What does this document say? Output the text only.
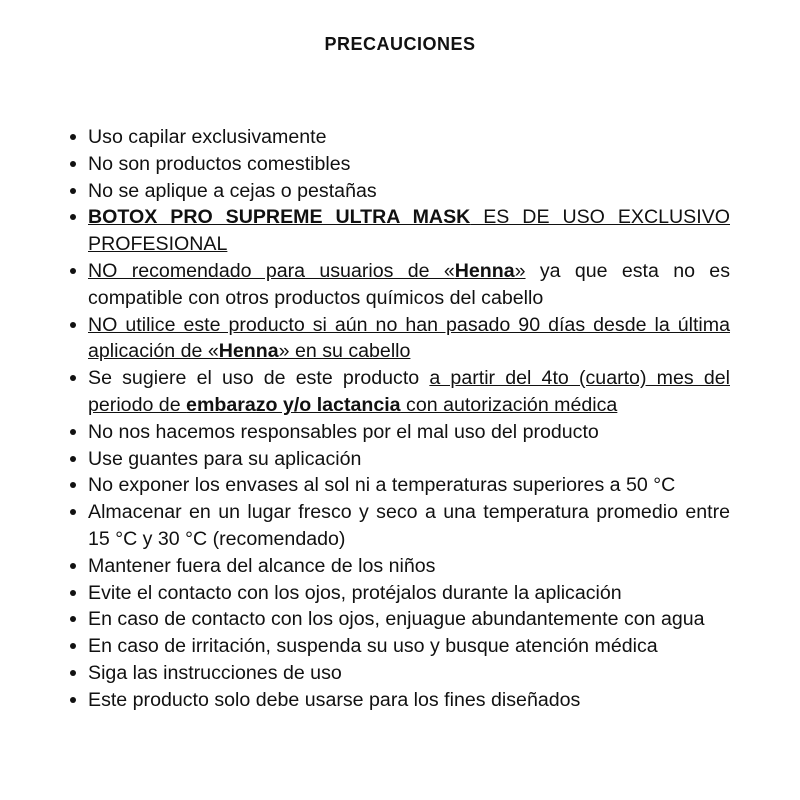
PRECAUCIONES
Uso capilar exclusivamente
No son productos comestibles
No se aplique a cejas o pestañas
BOTOX PRO SUPREME ULTRA MASK ES DE USO EXCLUSIVO PROFESIONAL
NO recomendado para usuarios de «Henna» ya que esta no es compatible con otros productos químicos del cabello
NO utilice este producto si aún no han pasado 90 días desde la última aplicación de «Henna» en su cabello
Se sugiere el uso de este producto a partir del 4to (cuarto) mes del periodo de embarazo y/o lactancia con autorización médica
No nos hacemos responsables por el mal uso del producto
Use guantes para su aplicación
No exponer los envases al sol ni a temperaturas superiores a 50 °C
Almacenar en un lugar fresco y seco a una temperatura promedio entre 15 °C y 30 °C (recomendado)
Mantener fuera del alcance de los niños
Evite el contacto con los ojos, protéjalos durante la aplicación
En caso de contacto con los ojos, enjuague abundantemente con agua
En caso de irritación, suspenda su uso y busque atención médica
Siga las instrucciones de uso
Este producto solo debe usarse para los fines diseñados
